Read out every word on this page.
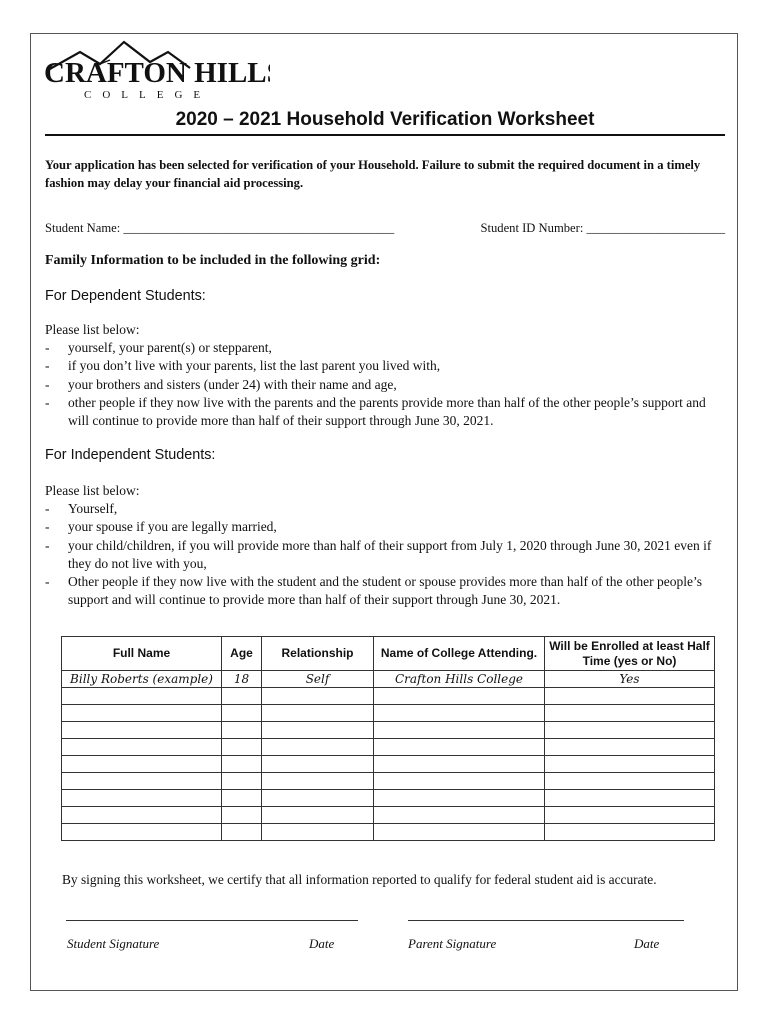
CRAFTON HILLS
COLLEGE
2020 – 2021 Household Verification Worksheet
Your application has been selected for verification of your Household. Failure to submit the required document in a timely fashion may delay your financial aid processing.
Student Name: ___________________________________________	Student ID Number: ______________________
Family Information to be included in the following grid:
For Dependent Students:

Please list below:

- yourself, your parent(s) or stepparent,
- if you don’t live with your parents, list the last parent you lived with,
- your brothers and sisters (under 24) with their name and age,
- other people if they now live with the parents and the parents provide more than half of the other people’s support and will continue to provide more than half of their support through June 30, 2021.
For Independent Students:

Please list below:

- Yourself,
- your spouse if you are legally married,
- your child/children, if you will provide more than half of their support from July 1, 2020 through June 30, 2021 even if they do not live with you,
- Other people if they now live with the student and the student or spouse provides more than half of the other people’s support and will continue to provide more than half of their support through June 30, 2021.
Full Name	Age	Relationship	Name of College Attending.	Will be Enrolled at least Half Time (yes or No)
Billy Roberts (example)	18	Self	Crafton Hills College	Yes

By signing this worksheet, we certify that all information reported to qualify for federal student aid is accurate.
Student Signature	Date	Parent Signature	Date
